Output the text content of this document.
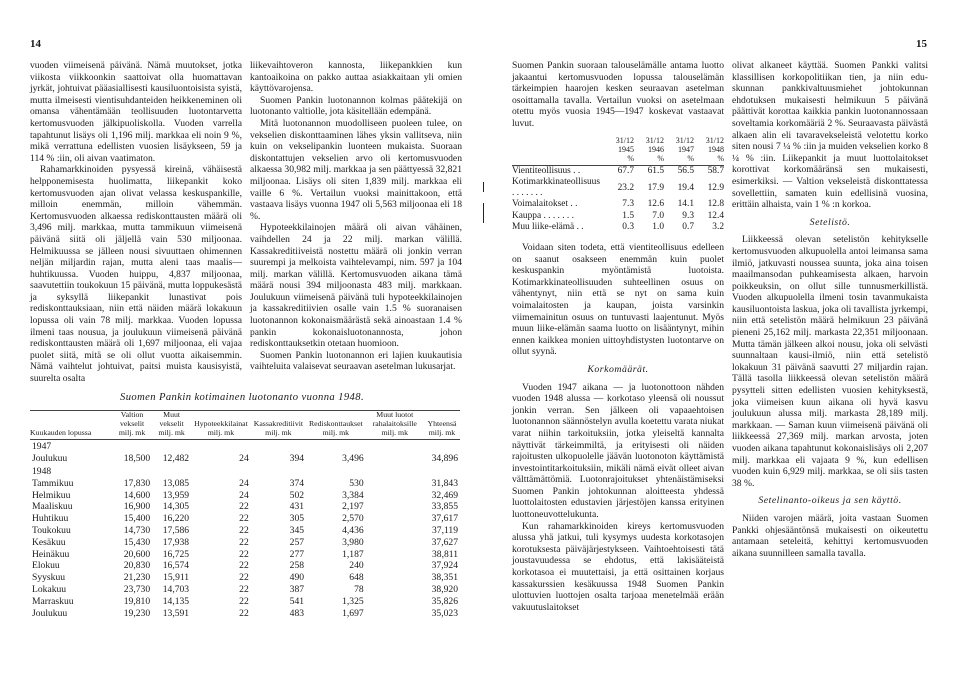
14	15

vuoden viimeisenä päivänä. Nämä muutokset, jotka viikosta viikkoonkin saattoivat olla huomattavan jyrkät, johtuivat pääasiallisesti kausiluontoisista syistä, mutta ilmeisesti vientisuhdanteiden heikkeneminen oli omansa vähentämään teollisuuden luotontarvetta kertomusvuoden jälkipuoliskolla. Vuoden varrella tapahtunut lisäys oli 1,196 milj. markkaa eli noin 9 %, mikä verrattuna edellisten vuosien lisäykseen, 59 ja 114 % :iin, oli aivan vaatimaton.

Rahamarkkinoiden pysyessä kireinä, vähäisestä helpponemisesta huolimatta, liikepankit koko kertomusvuoden ajan olivat velassa keskuspankille, milloin enemmän, milloin vähemmän. Kertomusvuoden alkaessa rediskonttausten määrä oli 3,496 milj. markkaa, mutta tammikuun viimeisenä päivänä siitä oli jäljellä vain 530 miljoonaa. Helmikuussa se jälleen nousi sivuuttaen ohimennen neljän miljardin rajan, mutta aleni taas maalis—huhtikuussa. Vuoden huippu, 4,837 miljoonaa, saavutettiin toukokuun 15 päivänä, mutta loppukesästä ja syksyllä liikepankit lunastivat pois rediskonttauksiaan, niin että näiden määrä lokakuun lopussa oli vain 78 milj. markkaa. Vuoden lopussa ilmeni taas nousua, ja joulukuun viimeisenä päivänä rediskonttausten määrä oli 1,697 miljoonaa, eli vajaa puolet siitä, mitä se oli ollut vuotta aikaisemmin. Nämä vaihtelut johtuivat, paitsi muista kausisyistä, suurelta osalta

liikevaihtoveron kannosta, liikepankkien kun kantoaikoina on pakko auttaa asiakkaitaan yli omien käyttövarojensa.

Suomen Pankin luotonannon kolmas päätekijä on luotonanto valtiolle, jota käsitellään edempänä.

Mitä luotonannon muodolliseen puoleen tulee, on vekselien diskonttaaminen lähes yksin vallitseva, niin kuin on vekselipankin luonteen mukaista. Suoraan diskontattujen vekselien arvo oli kertomusvuoden alkaessa 30,982 milj. markkaa ja sen päättyessä 32,821 miljoonaa. Lisäys oli siten 1,839 milj. markkaa eli vaille 6 %. Vertailun vuoksi mainittakoon, että vastaava lisäys vuonna 1947 oli 5,563 miljoonaa eli 18 %.

Hypoteekkilainojen määrä oli aivan vähäinen, vaihdellen 24 ja 22 milj. markan välillä. Kassakreditiiveistä nostettu määrä oli jonkin verran suurempi ja melkoista vaihtelevampi, nim. 597 ja 104 milj. markan välillä. Kertomusvuoden aikana tämä määrä nousi 394 miljoonasta 483 milj. markkaan. Joulukuun viimeisenä päivänä tuli hypoteekkilainojen ja kassakreditiivien osalle vain 1.5 % suoranaisen luotonannon kokonaismäärästä sekä ainoastaan 1.4 % pankin kokonaisluotonannosta, johon rediskonttauksetkin otetaan huomioon.

Suomen Pankin luotonannon eri lajien kuukautisia vaihteluita valaisevat seuraavan asetelman lukusarjat.

Suomen Pankin kotimainen luotonanto vuonna 1948.
Kuukauden lopussa	Valtion vekselit milj. mk	Muut vekselit milj. mk	Hypoteekkilainat milj. mk	Kassakreditiivit milj. mk	Rediskonttaukset milj. mk	Muut luotot rahalaitoksille milj. mk	Yhteensä milj. mk
1947							
Joulukuu	18,500	12,482	24	394	3,496		34,896
1948							
Tammikuu	17,830	13,085	24	374	530		31,843
Helmikuu	14,600	13,959	24	502	3,384		32,469
Maaliskuu	16,900	14,305	22	431	2,197		33,855
Huhtikuu	15,400	16,220	22	305	2,570		37,617
Toukokuu	14,730	17,586	22	345	4,436		37,119
Kesäkuu	15,430	17,938	22	257	3,980		37,627
Heinäkuu	20,600	16,725	22	277	1,187		38,811
Elokuu	20,830	16,574	22	258	240		37,924
Syyskuu	21,230	15,911	22	490	648		38,351
Lokakuu	23,730	14,703	22	387	78		38,920
Marraskuu	19,810	14,135	22	541	1,325		35,826
Joulukuu	19,230	13,591	22	483	1,697		35,023

Suomen Pankin suoraan talouselämälle antama luotto jakaantui kertomusvuoden lopussa talouselämän tärkeimpien haarojen kesken seuraavan asetelman osoittamalla tavalla. Vertailun vuoksi on asetelmaan otettu myös vuosia 1945—1947 koskevat vastaavat luvut.

	31/12
1945
%	31/12
1946
%	31/12
1947
%	31/12
1948
%
Vientiteollisuus . .	67.7	61.5	56.5	58.7
Kotimarkkinateollisuus . . . . . . .	23.2	17.9	19.4	12.9
Voimalaitokset . .	7.3	12.6	14.1	12.8
Kauppa . . . . . . .	1.5	7.0	9.3	12.4
Muu liike-elämä . .	0.3	1.0	0.7	3.2

Voidaan siten todeta, että vientiteollisuus edelleen on saanut osakseen enemmän kuin puolet keskuspankin myöntämistä luotoista. Kotimarkkinateollisuuden suhteellinen osuus on vähentynyt, niin että se nyt on sama kuin voimalaitosten ja kaupan, joista varsinkin viimemainitun osuus on tuntuvasti laajentunut. Myös muun liike-elämän saama luotto on lisääntynyt, mihin ennen kaikkea monien uittoyhdistysten luotontarve on ollut syynä.

Korkomäärät.

Vuoden 1947 aikana — ja luotonottoon nähden vuoden 1948 alussa — korkotaso yleensä oli noussut jonkin verran. Sen jälkeen oli vapaaehtoisen luotonannon säännöstelyn avulla koetettu varata niukat varat niihin tarkoituksiin, jotka yleiseltä kannalta näyttivät tärkeimmiltä, ja erityisesti oli näiden rajoitusten ulkopuolelle jäävän luotonoton käyttämistä investointitarkoituksiin, mikäli nämä eivät olleet aivan välttämättömiä. Luotonrajoitukset yhtenäistämiseksi Suomen Pankin johtokunnan aloitteesta yhdessä luottolaitosten edustavien järjestöjen kanssa erityinen luottoneuvottelukunta.

Kun rahamarkkinoiden kireys kertomusvuoden alussa yhä jatkui, tuli kysymys uudesta korkotasojen korotuksesta päiväjärjestykseen. Vaihtoehtoisesti tätä joustavuudessa se ehdotus, että lakisääteistä korkotasoa ei muutettaisi, ja että osittainen korjaus kassakurssien kesäkuussa 1948 Suomen Pankin ulottuvien luottojen osalta tarjoaa menetelmää erään vakuutuslaitokset

olivat alkaneet käyttää. Suomen Pankki valitsi klassillisen korkopolitiikan tien, ja niin eduskunnan pankkivaltuusmiehet johtokunnan ehdotuksen mukaisesti helmikuun 5 päivänä päättivät korottaa kaikkia pankin luotonannossaan soveltamia korkomääriä 2 %. Seuraavasta päivästä alkaen alin eli tavaravekseleistä velotettu korko siten nousi 7 ¼ % :iin ja muiden vekselien korko 8 ¼ % :iin. Liikepankit ja muut luottolaitokset korottivat korkomääränsä sen mukaisesti, esimerkiksi. — Valtion vekseleistä diskonttatessa sovellettiin, samaten kuin edellisinä vuosina, erittäin alhaista, vain 1 % :n korkoa.

Setelistö.

Liikkeessä olevan setelistön kehitykselle kertomusvuoden alkupuolella antoi leimansa sama ilmiö, jatkuvasti noussea suunta, joka aina toisen maailmansodan puhkeamisesta alkaen, harvoin poikkeuksin, on ollut sille tunnusmerkillistä. Vuoden alkupuolella ilmeni tosin tavanmukaista kausiluontoista laskua, joka oli tavallista jyrkempi, niin että setelistön määrä helmikuun 23 päivänä pieneni 25,162 milj. markasta 22,351 miljoonaan. Mutta tämän jälkeen alkoi nousu, joka oli selvästi suunnaltaan kausi-ilmiö, niin että setelistö lokakuun 31 päivänä saavutti 27 miljardin rajan. Tällä tasolla liikkeessä olevan setelistön määrä pysytteli sitten edellisten vuosien kehityksestä, joka viimeisen kuun aikana oli hyvä kasvu joulukuun alussa milj. markasta 28,189 milj. markkaan. — Saman kuun viimeisenä päivänä oli liikkeessä 27,369 milj. markan arvosta, joten vuoden aikana tapahtunut kokonaislisäys oli 2,207 milj. markkaa eli vajaata 9 %, kun edellisen vuoden kuin 6,929 milj. markkaa, se oli siis tasten 38 %.

Setelinanto-oikeus ja sen käyttö.

Niiden varojen määrä, joita vastaan Suomen Pankki ohjesääntönsä mukaisesti on oikeutettu antamaan seteleitä, kehittyi kertomusvuoden aikana suunnilleen samalla tavalla.
